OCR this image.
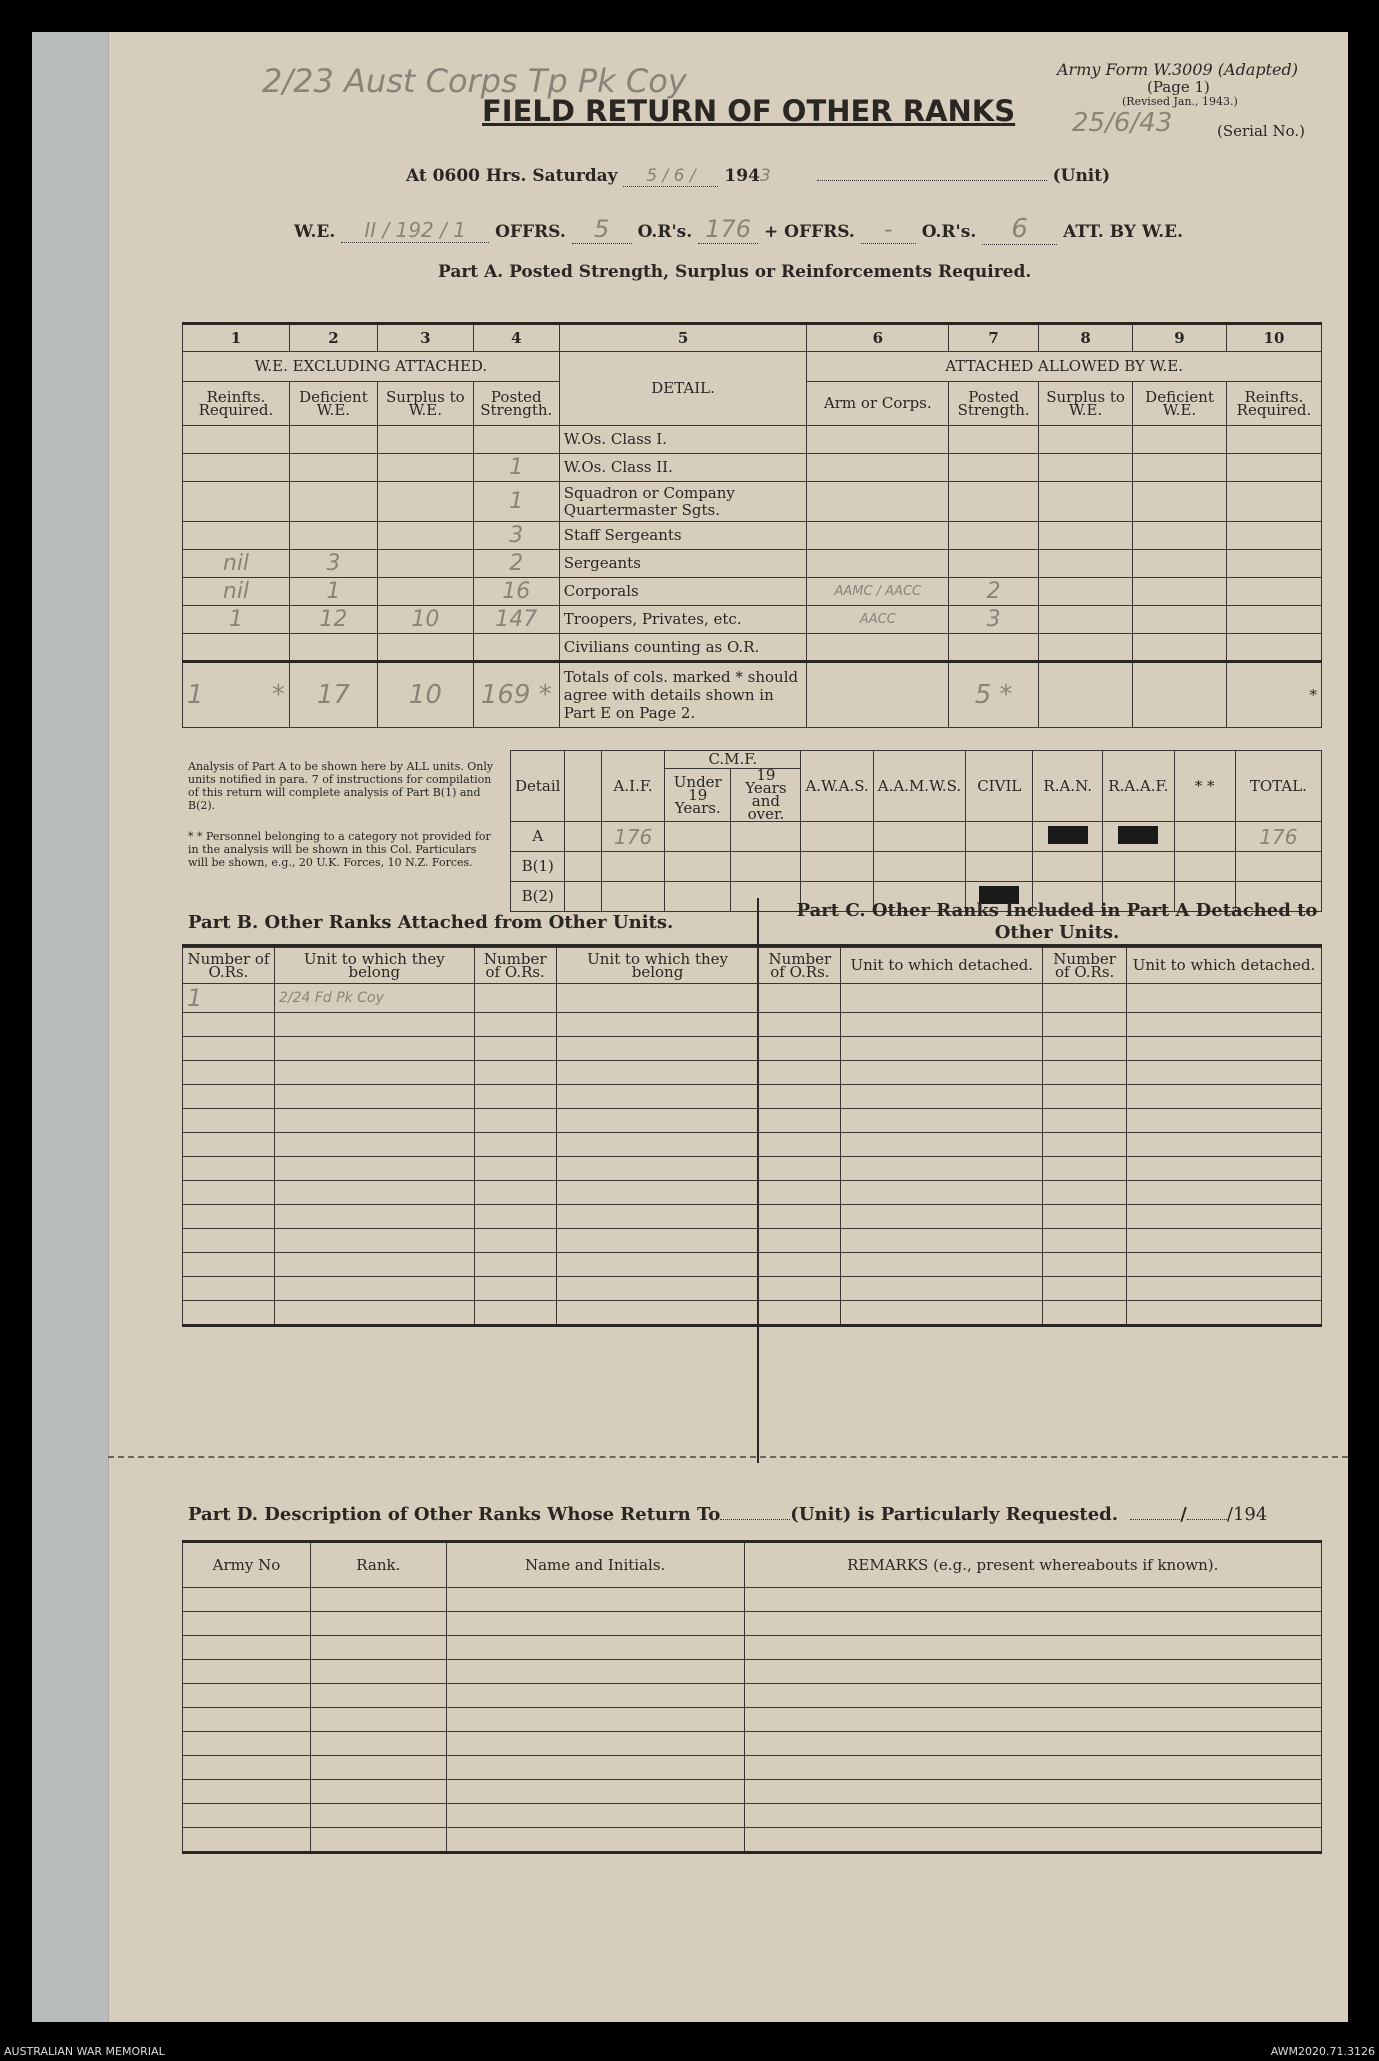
2/23 Aust Corps Tp Pk Coy	Army Form W.3009 (Adapted)
(Page 1)
(Revised Jan., 1943.)
25/6/43	(Serial No.)
FIELD RETURN OF OTHER RANKS
At 0600 Hrs. Saturday 5 / 6 / 1943	(Unit)
W.E. II / 192 / 1 OFFRS. 5 O.R's. 176 + OFFRS. - O.R's. 6 ATT. BY W.E.
Part A. Posted Strength, Surplus or Reinforcements Required.
1	2	3	4	5	6	7	8	9	10
W.E. EXCLUDING ATTACHED.				DETAIL.	ATTACHED ALLOWED BY W.E.				
Reinfts. Required.	Deficient W.E.	Surplus to W.E.	Posted Strength.		Arm or Corps.	Posted Strength.	Surplus to W.E.	Deficient W.E.	Reinfts. Required.
				W.Os. Class I.					
			1	W.Os. Class II.					
			1	Squadron or Company Quartermaster Sgts.					
			3	Staff Sergeants					
nil	3		2	Sergeants					
nil	1		16	Corporals	AAMC / AACC	2			
1	12	10	147	Troopers, Privates, etc.	AACC	3			
				Civilians counting as O.R.					
1 *	17	10	169 *	Totals of cols. marked * should agree with details shown in Part E on Page 2.		5 *			*
Analysis of Part A to be shown here by ALL units. Only units notified in para. 7 of instructions for compilation of this return will complete analysis of Part B(1) and B(2).
* * Personnel belonging to a category not provided for in the analysis will be shown in this Col. Particulars will be shown, e.g., 20 U.K. Forces, 10 N.Z. Forces.
Detail		A.I.F.	C.M.F.		A.W.A.S.	A.A.M.W.S.	CIVIL	R.A.N.	R.A.A.F.	* *	TOTAL.
			Under 19 Years.	19 Years and over.							
A		176									176
B(1)											
B(2)											
Part B. Other Ranks Attached from Other Units.
Part C. Other Ranks Included in Part A Detached to Other Units.
Number of O.Rs.	Unit to which they belong	Number of O.Rs.	Unit to which they belong	Number of O.Rs.	Unit to which detached.	Number of O.Rs.	Unit to which detached.
1	2/24 Fd Pk Coy						

Part D. Description of Other Ranks Whose Return To	(Unit) is Particularly Requested.	/ /194
Army No	Rank.	Name and Initials.	REMARKS (e.g., present whereabouts if known).

AUSTRALIAN WAR MEMORIAL	AWM2020.71.3126
